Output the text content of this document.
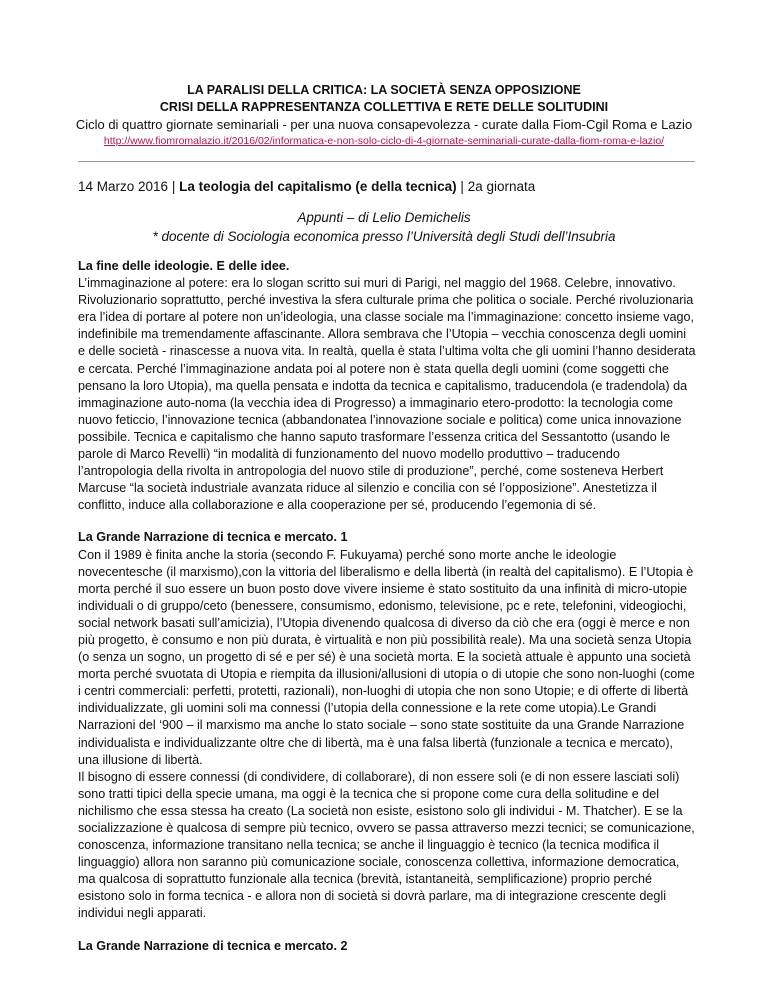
LA PARALISI DELLA CRITICA: LA SOCIETÀ SENZA OPPOSIZIONE
CRISI DELLA RAPPRESENTANZA COLLETTIVA E RETE DELLE SOLITUDINI
Ciclo di quattro giornate seminariali - per una nuova consapevolezza - curate dalla Fiom-Cgil Roma e Lazio
http://www.fiomromalazio.it/2016/02/informatica-e-non-solo-ciclo-di-4-giornate-seminariali-curate-dalla-fiom-roma-e-lazio/
14 Marzo 2016 | La teologia del capitalismo (e della tecnica) | 2a giornata
Appunti – di Lelio Demichelis
* docente di Sociologia economica presso l’Università degli Studi dell’Insubria
La fine delle ideologie. E delle idee.

L’immaginazione al potere: era lo slogan scritto sui muri di Parigi, nel maggio del 1968. Celebre, innovativo. Rivoluzionario soprattutto, perché investiva la sfera culturale prima che politica o sociale. Perché rivoluzionaria era l’idea di portare al potere non un’ideologia, una classe sociale ma l’immaginazione: concetto insieme vago, indefinibile ma tremendamente affascinante. Allora sembrava che l’Utopia – vecchia conoscenza degli uomini e delle società - rinascesse a nuova vita. In realtà, quella è stata l’ultima volta che gli uomini l’hanno desiderata e cercata. Perché l’immaginazione andata poi al potere non è stata quella degli uomini (come soggetti che pensano la loro Utopia), ma quella pensata e indotta da tecnica e capitalismo, traducendola (e tradendola) da immaginazione auto-noma (la vecchia idea di Progresso) a immaginario etero-prodotto: la tecnologia come nuovo feticcio, l’innovazione tecnica (abbandonatea l’innovazione sociale e politica) come unica innovazione possibile. Tecnica e capitalismo che hanno saputo trasformare l’essenza critica del Sessantotto (usando le parole di Marco Revelli) “in modalità di funzionamento del nuovo modello produttivo – traducendo l’antropologia della rivolta in antropologia del nuovo stile di produzione”, perché, come sosteneva Herbert Marcuse “la società industriale avanzata riduce al silenzio e concilia con sé l’opposizione”. Anestetizza il conflitto, induce alla collaborazione e alla cooperazione per sé, producendo l’egemonia di sé.

La Grande Narrazione di tecnica e mercato. 1

Con il 1989 è finita anche la storia (secondo F. Fukuyama) perché sono morte anche le ideologie novecentesche (il marxismo),con la vittoria del liberalismo e della libertà (in realtà del capitalismo). E l’Utopia è morta perché il suo essere un buon posto dove vivere insieme è stato sostituito da una infinità di micro-utopie individuali o di gruppo/ceto (benessere, consumismo, edonismo, televisione, pc e rete, telefonini, videogiochi, social network basati sull’amicizia), l’Utopia divenendo qualcosa di diverso da ciò che era (oggi è merce e non più progetto, è consumo e non più durata, è virtualità e non più possibilità reale). Ma una società senza Utopia (o senza un sogno, un progetto di sé e per sé) è una società morta. E la società attuale è appunto una società morta perché svuotata di Utopia e riempita da illusioni/allusioni di utopia o di utopie che sono non-luoghi (come i centri commerciali: perfetti, protetti, razionali), non-luoghi di utopia che non sono Utopie; e di offerte di libertà individualizzate, gli uomini soli ma connessi (l’utopia della connessione e la rete come utopia).Le Grandi Narrazioni del ‘900 – il marxismo ma anche lo stato sociale – sono state sostituite da una Grande Narrazione individualista e individualizzante oltre che di libertà, ma è una falsa libertà (funzionale a tecnica e mercato), una illusione di libertà.

Il bisogno di essere connessi (di condividere, di collaborare), di non essere soli (e di non essere lasciati soli) sono tratti tipici della specie umana, ma oggi è la tecnica che si propone come cura della solitudine e del nichilismo che essa stessa ha creato (La società non esiste, esistono solo gli individui - M. Thatcher). E se la socializzazione è qualcosa di sempre più tecnico, ovvero se passa attraverso mezzi tecnici; se comunicazione, conoscenza, informazione transitano nella tecnica; se anche il linguaggio è tecnico (la tecnica modifica il linguaggio) allora non saranno più comunicazione sociale, conoscenza collettiva, informazione democratica, ma qualcosa di soprattutto funzionale alla tecnica (brevità, istantaneità, semplificazione) proprio perché esistono solo in forma tecnica - e allora non di società si dovrà parlare, ma di integrazione crescente degli individui negli apparati.

La Grande Narrazione di tecnica e mercato. 2
